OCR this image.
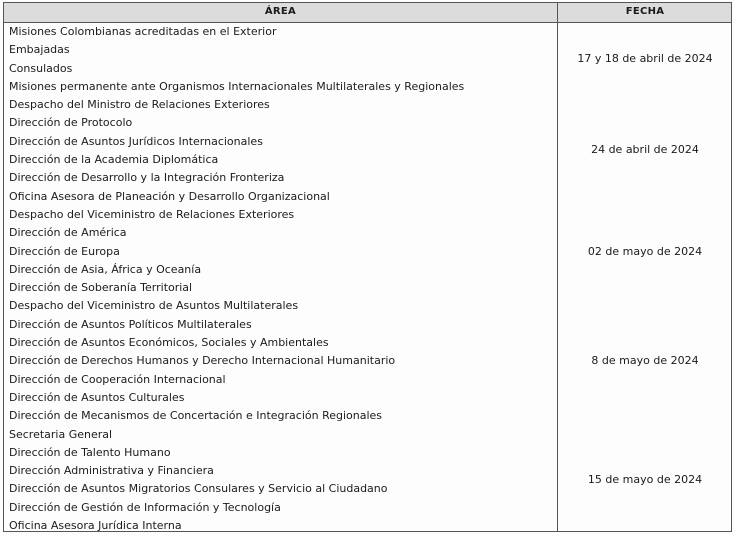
ÁREA	FECHA
Misiones Colombianas acreditadas en el Exterior
Embajadas
Consulados
Misiones permanente ante Organismos Internacionales Multilaterales y Regionales
Despacho del Ministro de Relaciones Exteriores
Dirección de Protocolo
Dirección de Asuntos Jurídicos Internacionales
Dirección de la Academia Diplomática
Dirección de Desarrollo y la Integración Fronteriza
Oficina Asesora de Planeación y Desarrollo Organizacional
Despacho del Viceministro de Relaciones Exteriores
Dirección de América
Dirección de Europa
Dirección de Asia, África y Oceanía
Dirección de Soberanía Territorial
Despacho del Viceministro de Asuntos Multilaterales
Dirección de Asuntos Políticos Multilaterales
Dirección de Asuntos Económicos, Sociales y Ambientales
Dirección de Derechos Humanos y Derecho Internacional Humanitario
Dirección de Cooperación Internacional
Dirección de Asuntos Culturales
Dirección de Mecanismos de Concertación e Integración Regionales
Secretaria General
Dirección de Talento Humano
Dirección Administrativa y Financiera
Dirección de Asuntos Migratorios Consulares y Servicio al Ciudadano
Dirección de Gestión de Información y Tecnología
Oficina Asesora Jurídica Interna
17 y 18 de abril de 2024
24 de abril de 2024
02 de mayo de 2024
8 de mayo de 2024
15 de mayo de 2024
